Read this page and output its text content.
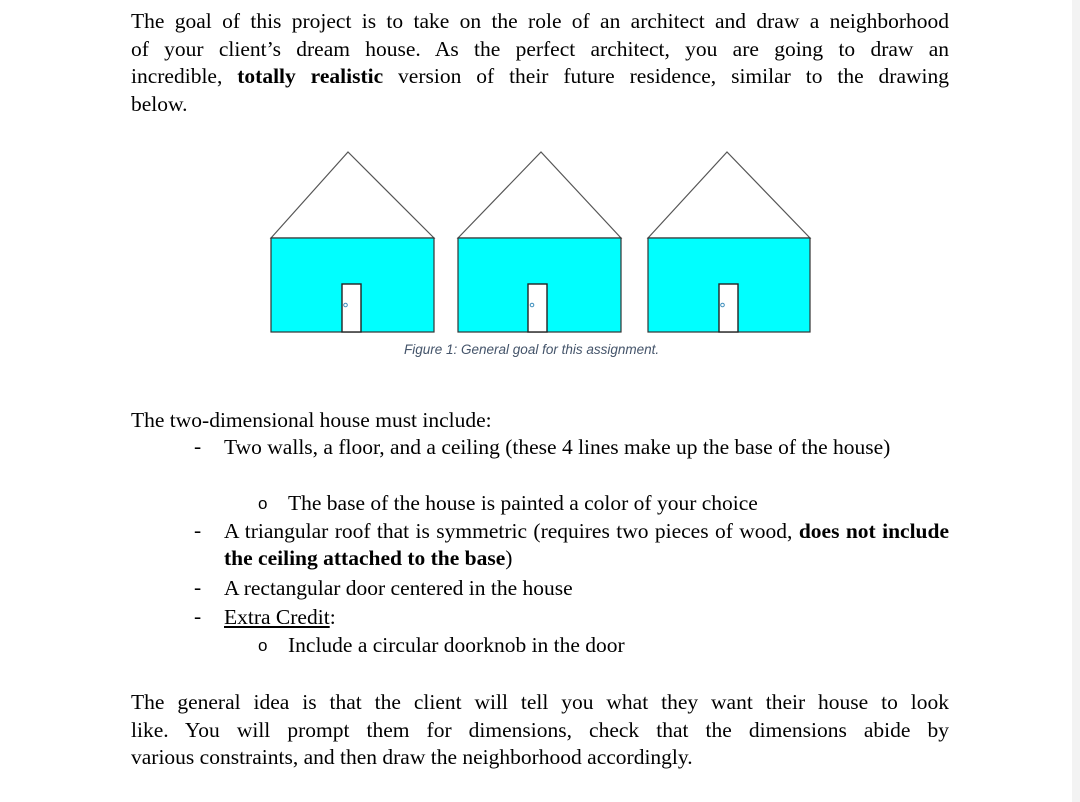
The goal of this project is to take on the role of an architect and draw a neighborhood
of your client’s dream house. As the perfect architect, you are going to draw an
incredible, totally realistic version of their future residence, similar to the drawing
below.
Figure 1: General goal for this assignment.
The two-dimensional house must include:
- Two walls, a floor, and a ceiling (these 4 lines make up the base of the house)
o The base of the house is painted a color of your choice
- A triangular roof that is symmetric (requires two pieces of wood, does not include the ceiling attached to the base)
- A rectangular door centered in the house
- Extra Credit:
o Include a circular doorknob in the door
The general idea is that the client will tell you what they want their house to look
like. You will prompt them for dimensions, check that the dimensions abide by
various constraints, and then draw the neighborhood accordingly.
